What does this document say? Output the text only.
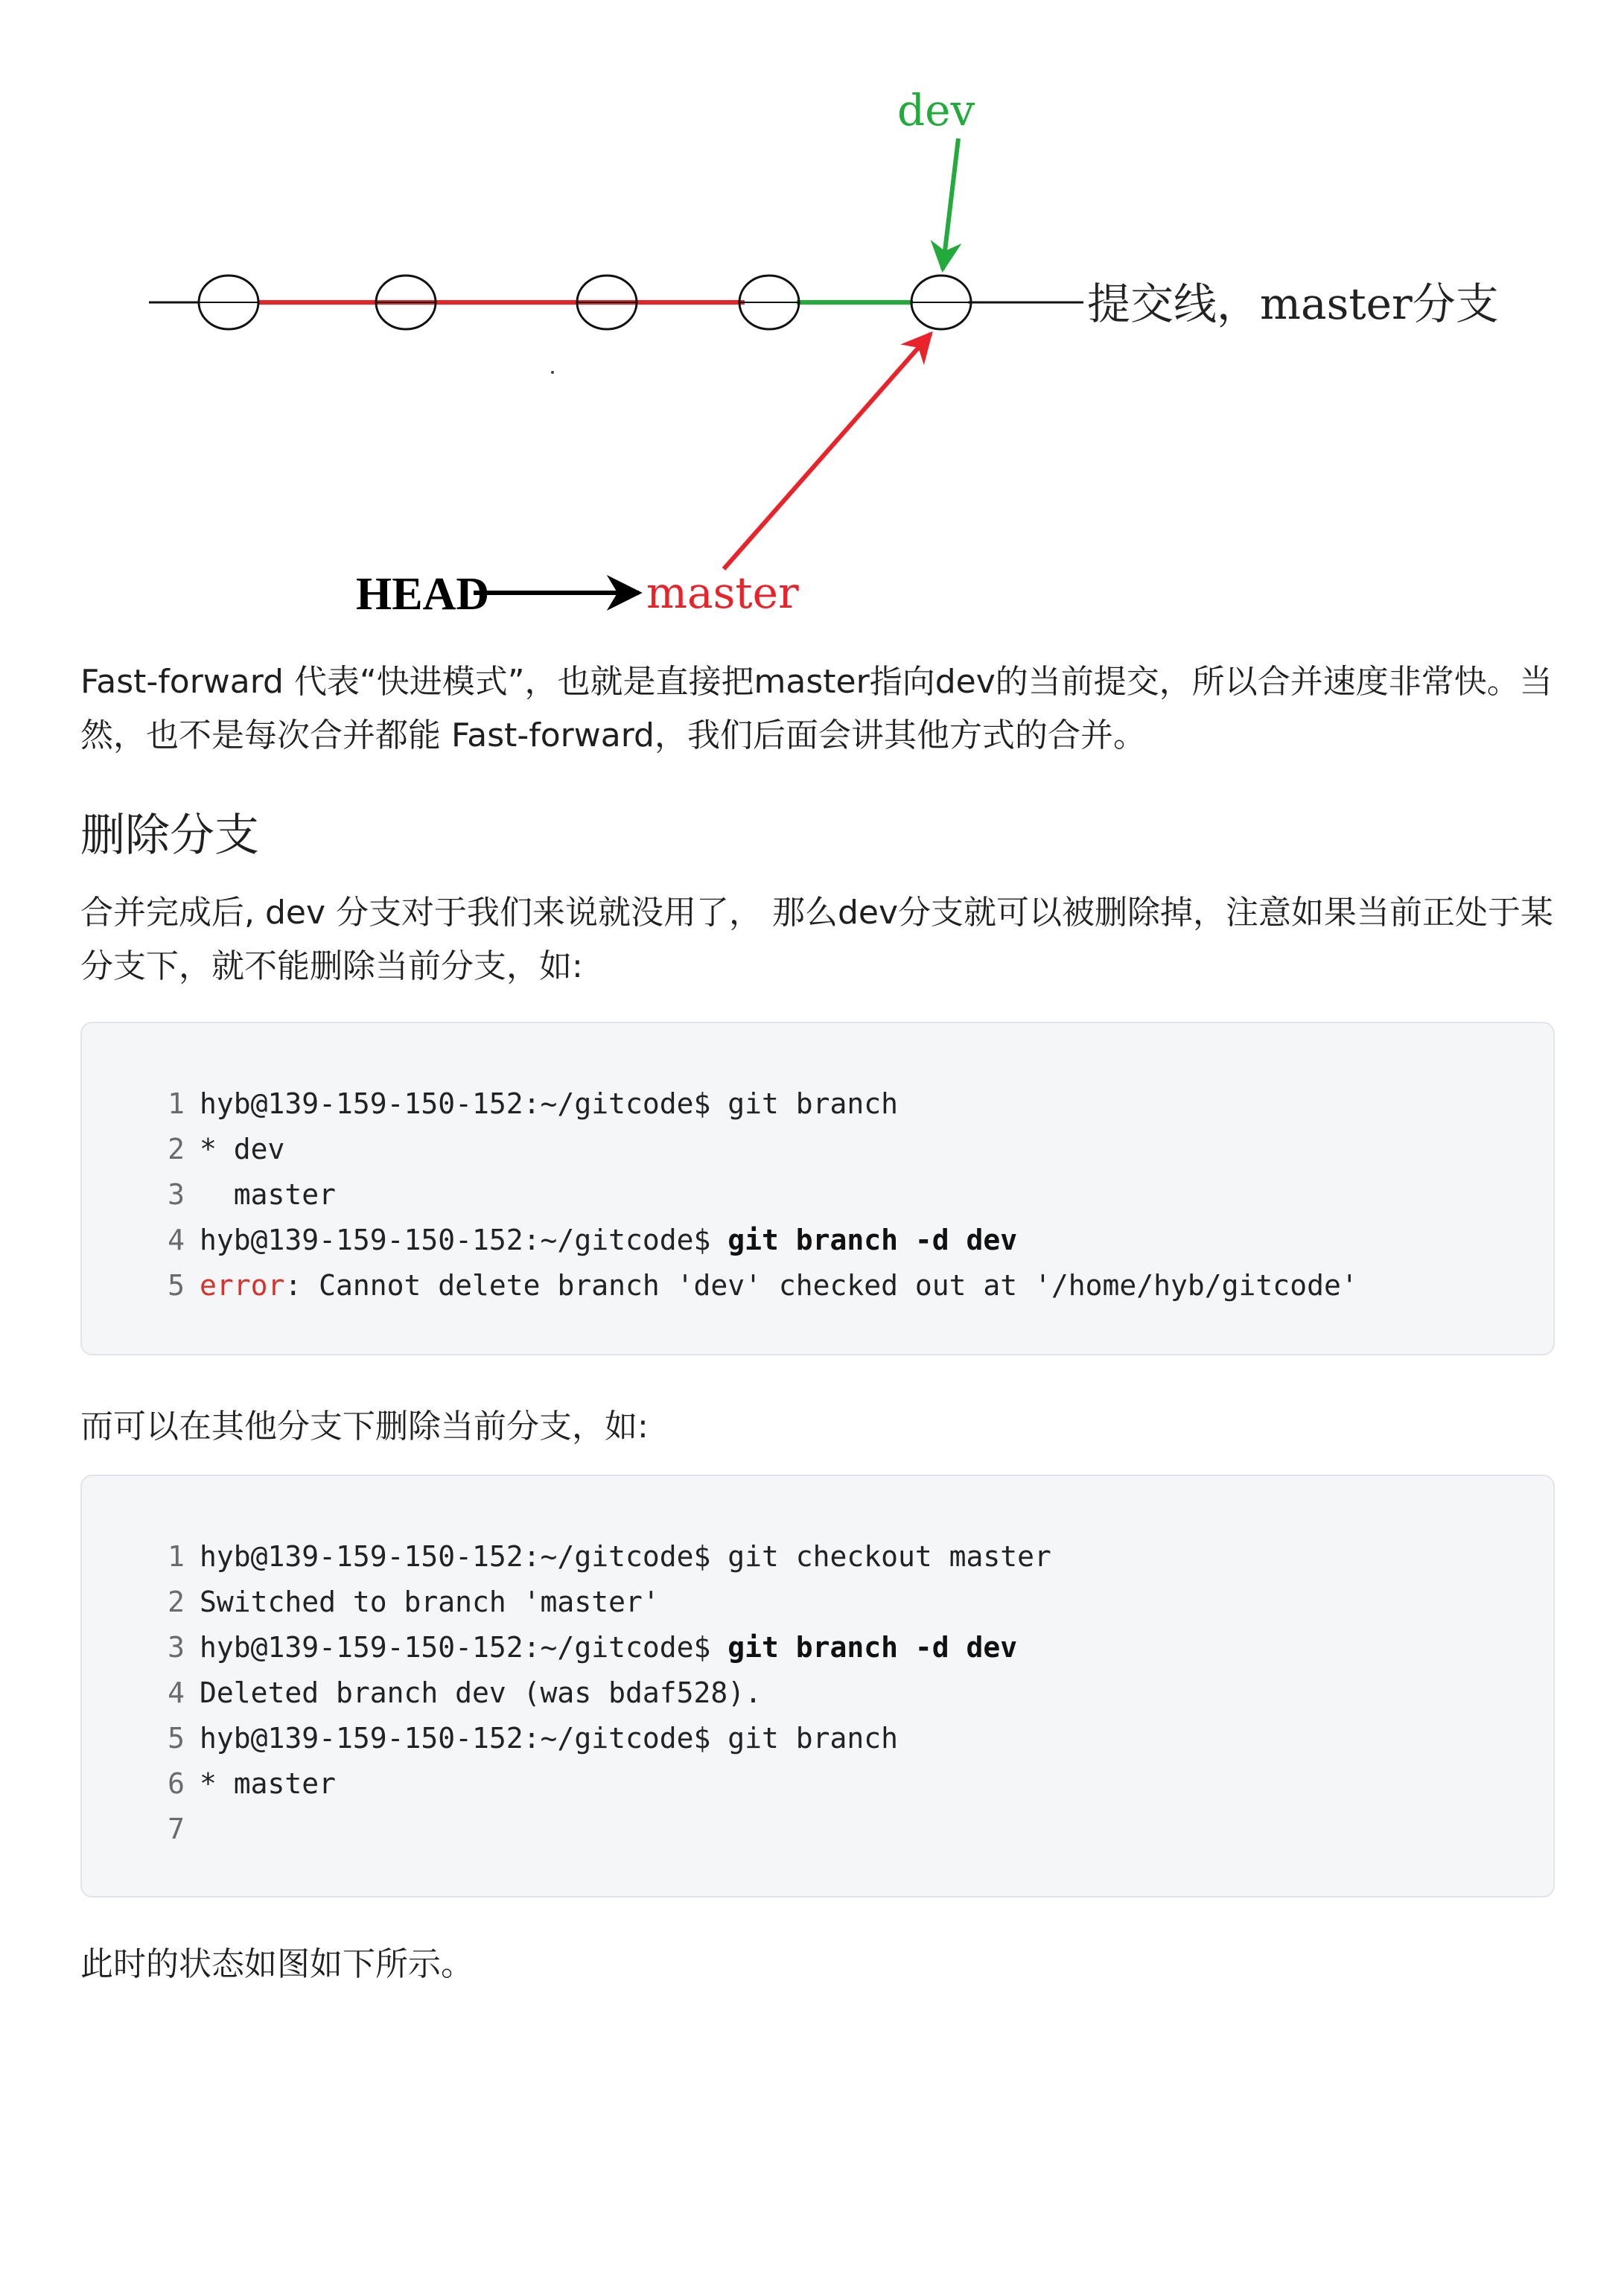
dev
master
HEAD
提交线，master分支

Fast-forward 代表“快进模式”，也就是直接把master指向dev的当前提交，所以合并速度非常快。当然，也不是每次合并都能 Fast-forward，我们后面会讲其他方式的合并。

删除分支

合并完成后, dev 分支对于我们来说就没用了， 那么dev分支就可以被删除掉，注意如果当前正处于某分支下，就不能删除当前分支，如:

1 hyb@139-159-150-152:~/gitcode$ git branch
2 * dev
3 master
4 hyb@139-159-150-152:~/gitcode$ git branch -d dev
5 error: Cannot delete branch 'dev' checked out at '/home/hyb/gitcode'

而可以在其他分支下删除当前分支，如:

1 hyb@139-159-150-152:~/gitcode$ git checkout master
2 Switched to branch 'master'
3 hyb@139-159-150-152:~/gitcode$ git branch -d dev
4 Deleted branch dev (was bdaf528).
5 hyb@139-159-150-152:~/gitcode$ git branch
6 * master
7

此时的状态如图如下所示。
